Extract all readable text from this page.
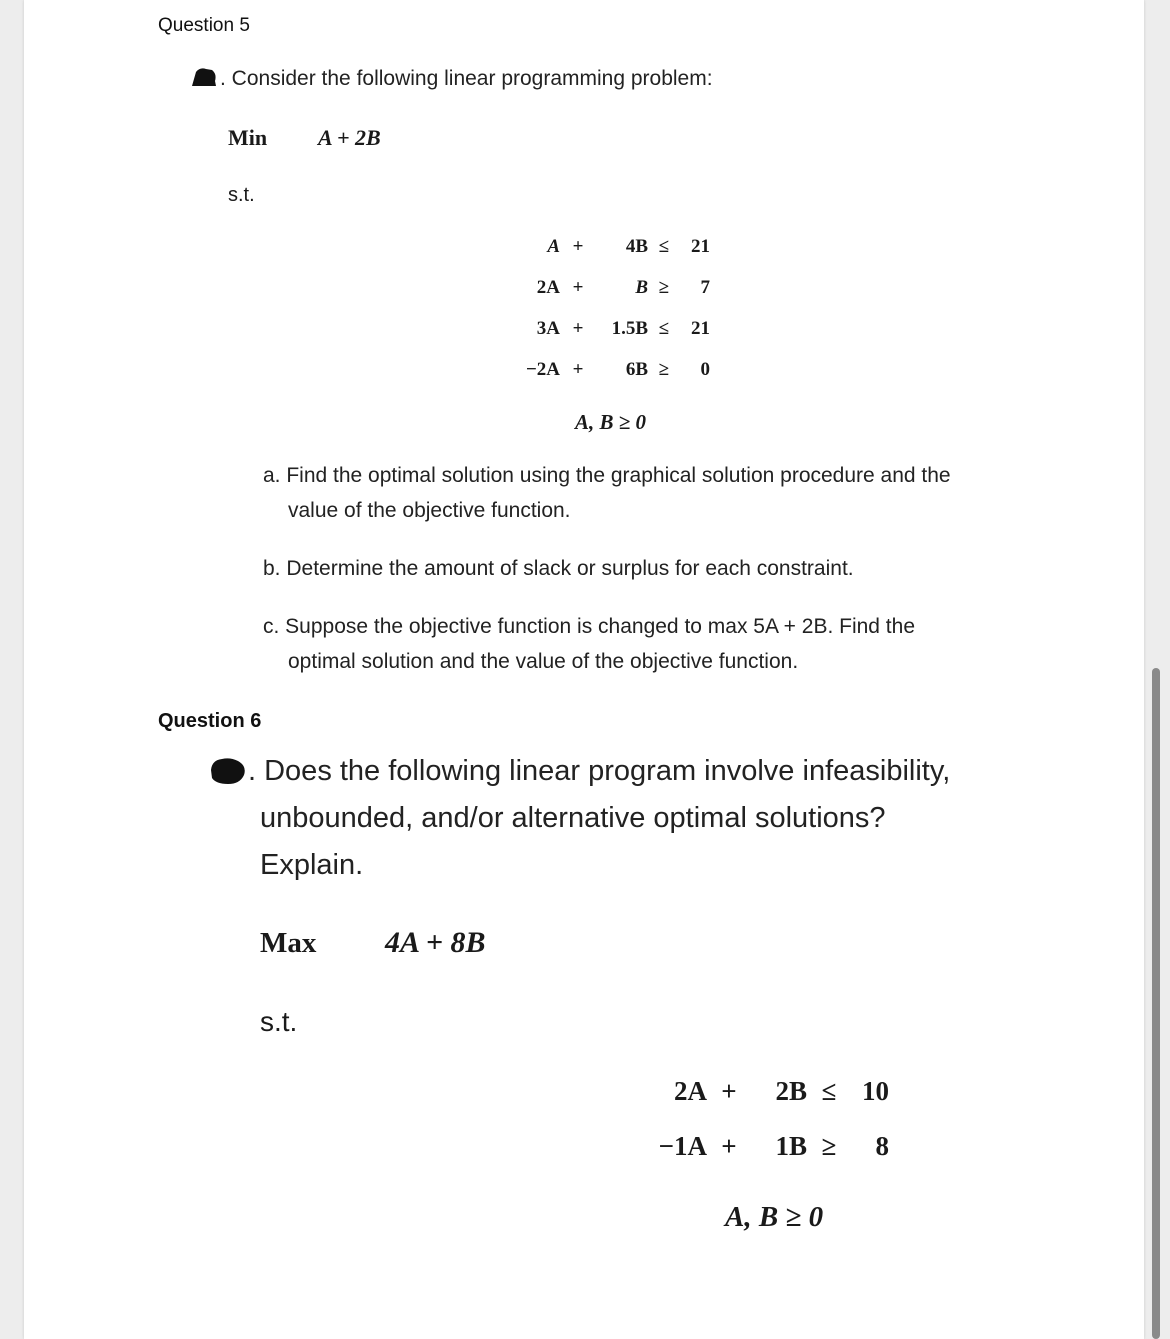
Question 5
. Consider the following linear programming problem:
Min A + 2B
s.t.
A	+	4B	≤	21
2A	+	B	≥	7
3A	+	1.5B	≤	21
−2A	+	6B	≥	0
A, B ≥ 0
a. Find the optimal solution using the graphical solution procedure and the
value of the objective function.
b. Determine the amount of slack or surplus for each constraint.
c. Suppose the objective function is changed to max 5A + 2B. Find the
optimal solution and the value of the objective function.
Question 6
. Does the following linear program involve infeasibility,
unbounded, and/or alternative optimal solutions?
Explain.
Max 4A + 8B
s.t.
2A	+	2B	≤	10
−1A	+	1B	≥	8
A, B ≥ 0
